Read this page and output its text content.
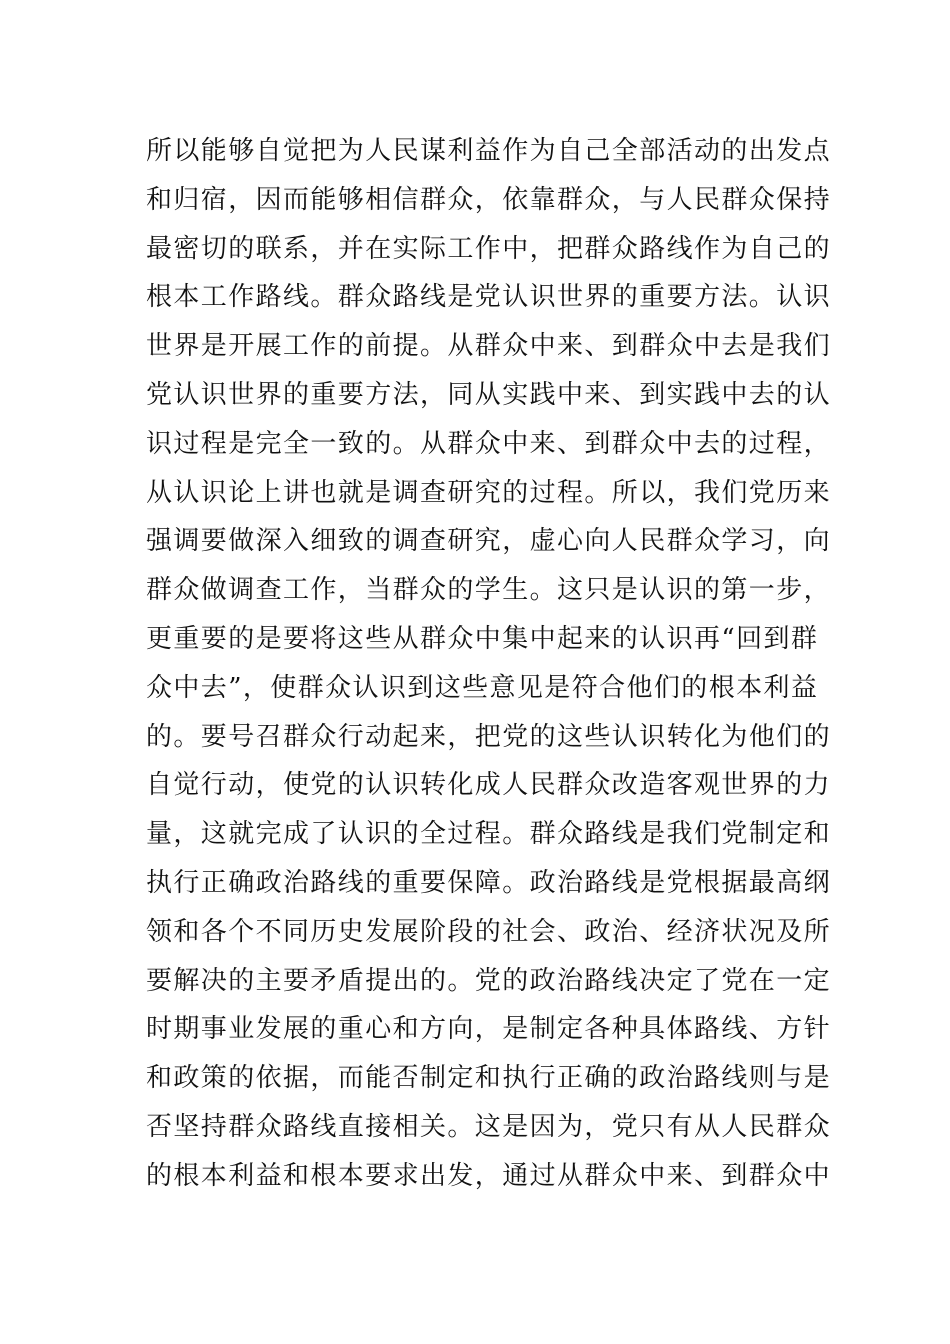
所以能够自觉把为人民谋利益作为自己全部活动的出发点
和归宿，因而能够相信群众，依靠群众，与人民群众保持
最密切的联系，并在实际工作中，把群众路线作为自己的
根本工作路线。群众路线是党认识世界的重要方法。认识
世界是开展工作的前提。从群众中来、到群众中去是我们
党认识世界的重要方法，同从实践中来、到实践中去的认
识过程是完全一致的。从群众中来、到群众中去的过程，
从认识论上讲也就是调查研究的过程。所以，我们党历来
强调要做深入细致的调查研究，虚心向人民群众学习，向
群众做调查工作，当群众的学生。这只是认识的第一步，
更重要的是要将这些从群众中集中起来的认识再“回到群
众中去”，使群众认识到这些意见是符合他们的根本利益
的。要号召群众行动起来，把党的这些认识转化为他们的
自觉行动，使党的认识转化成人民群众改造客观世界的力
量，这就完成了认识的全过程。群众路线是我们党制定和
执行正确政治路线的重要保障。政治路线是党根据最高纲
领和各个不同历史发展阶段的社会、政治、经济状况及所
要解决的主要矛盾提出的。党的政治路线决定了党在一定
时期事业发展的重心和方向，是制定各种具体路线、方针
和政策的依据，而能否制定和执行正确的政治路线则与是
否坚持群众路线直接相关。这是因为，党只有从人民群众
的根本利益和根本要求出发，通过从群众中来、到群众中
